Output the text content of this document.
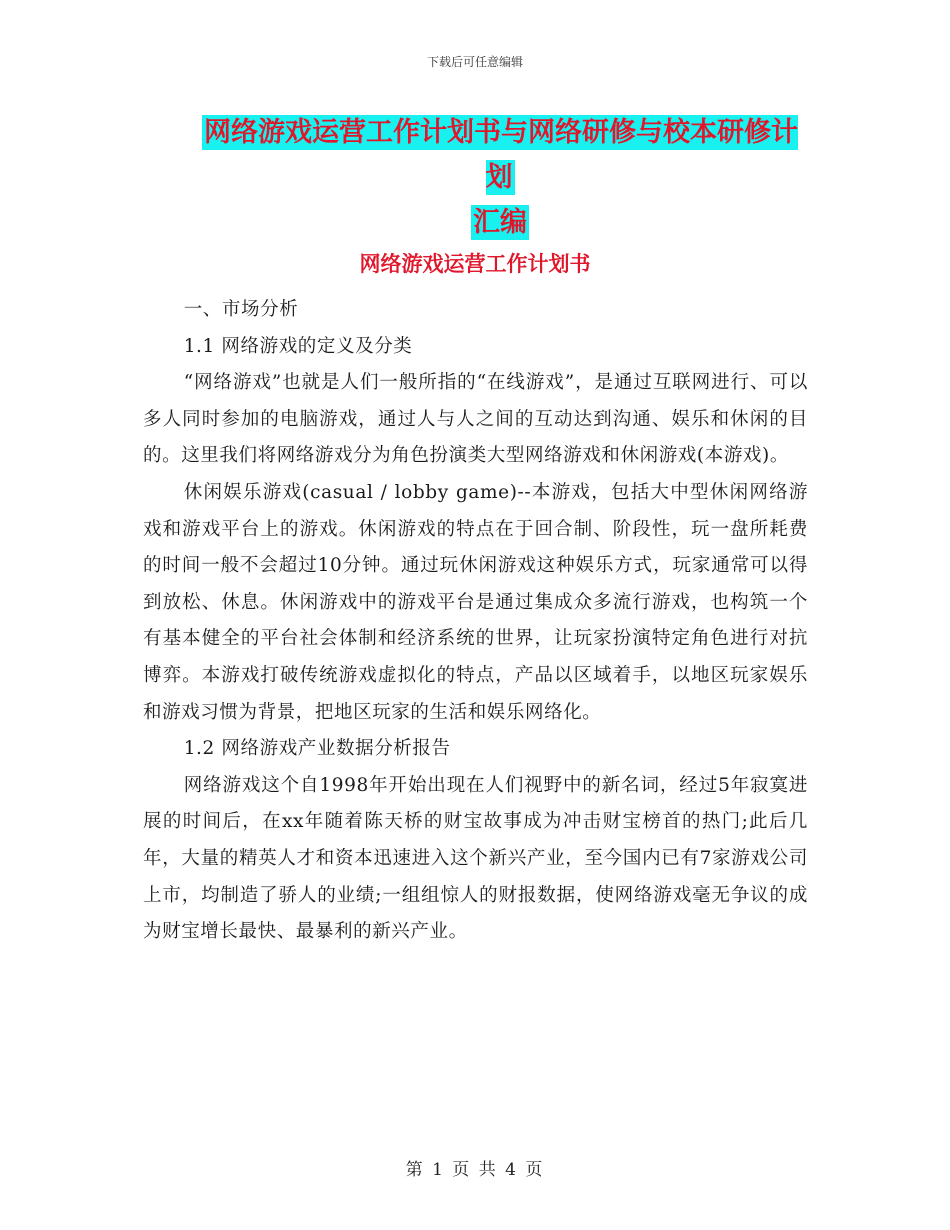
下载后可任意编辑
网络游戏运营工作计划书与网络研修与校本研修计划
汇编
网络游戏运营工作计划书

一、市场分析

1.1 网络游戏的定义及分类

“网络游戏”也就是人们一般所指的“在线游戏”，是通过互联网进行、可以多人同时参加的电脑游戏，通过人与人之间的互动达到沟通、娱乐和休闲的目的。这里我们将网络游戏分为角色扮演类大型网络游戏和休闲游戏(本游戏)。

休闲娱乐游戏(casual / lobby game)--本游戏，包括大中型休闲网络游戏和游戏平台上的游戏。休闲游戏的特点在于回合制、阶段性，玩一盘所耗费的时间一般不会超过10分钟。通过玩休闲游戏这种娱乐方式，玩家通常可以得到放松、休息。休闲游戏中的游戏平台是通过集成众多流行游戏，也构筑一个有基本健全的平台社会体制和经济系统的世界，让玩家扮演特定角色进行对抗博弈。本游戏打破传统游戏虚拟化的特点，产品以区域着手，以地区玩家娱乐和游戏习惯为背景，把地区玩家的生活和娱乐网络化。

1.2 网络游戏产业数据分析报告

网络游戏这个自1998年开始出现在人们视野中的新名词，经过5年寂寞进展的时间后，在xx年随着陈天桥的财宝故事成为冲击财宝榜首的热门;此后几年，大量的精英人才和资本迅速进入这个新兴产业，至今国内已有7家游戏公司上市，均制造了骄人的业绩;一组组惊人的财报数据，使网络游戏毫无争议的成为财宝增长最快、最暴利的新兴产业。

第 1 页 共 4 页
